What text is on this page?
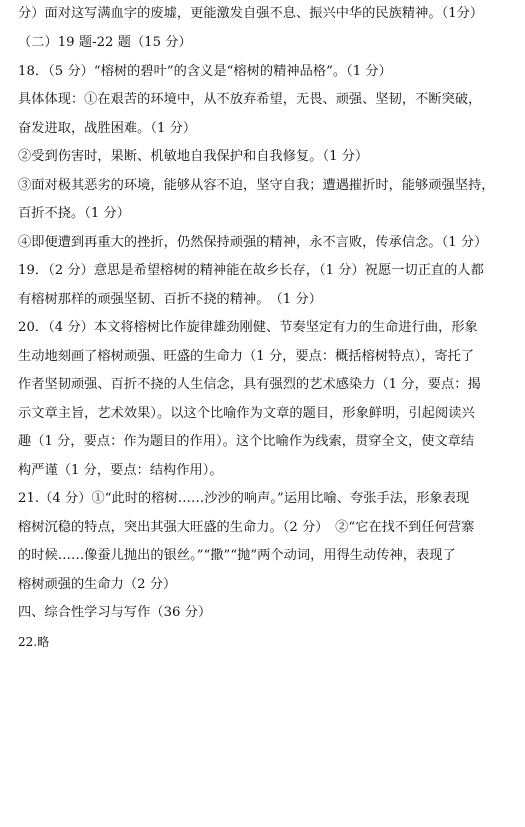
分）面对这写满血字的废墟，更能激发自强不息、振兴中华的民族精神。（1分）
（二）19 题-22 题（15 分）
18．（5 分）“榕树的碧叶”的含义是“榕树的精神品格”。（1 分）
具体体现：①在艰苦的环境中，从不放弃希望，无畏、顽强、坚韧，不断突破，
奋发进取，战胜困难。（1 分）
②受到伤害时，果断、机敏地自我保护和自我修复。（1 分）
③面对极其恶劣的环境，能够从容不迫，坚守自我；遭遇摧折时，能够顽强坚持，
百折不挠。（1 分）
④即便遭到再重大的挫折，仍然保持顽强的精神，永不言败，传承信念。（1 分）
19．（2 分）意思是希望榕树的精神能在故乡长存，（1 分）祝愿一切正直的人都
有榕树那样的顽强坚韧、百折不挠的精神。　（1 分）
20．（4 分）本文将榕树比作旋律雄劲刚健、节奏坚定有力的生命进行曲，形象
生动地刻画了榕树顽强、旺盛的生命力（1 分，要点：概括榕树特点），寄托了
作者坚韧顽强、百折不挠的人生信念，具有强烈的艺术感染力（1 分，要点：揭
示文章主旨，艺术效果）。以这个比喻作为文章的题目，形象鲜明，引起阅读兴
趣（1 分，要点：作为题目的作用）。这个比喻作为线索，贯穿全文，使文章结
构严谨（1 分，要点：结构作用）。
21.（4 分）①“此时的榕树……沙沙的响声。”运用比喻、夸张手法，形象表现
榕树沉稳的特点，突出其强大旺盛的生命力。（2 分）　②“它在找不到任何营寨
的时候……像蚕儿抛出的银丝。”“撒”“抛”两个动词，用得生动传神，表现了
榕树顽强的生命力（2 分）
四、综合性学习与写作（36 分）
22.略
